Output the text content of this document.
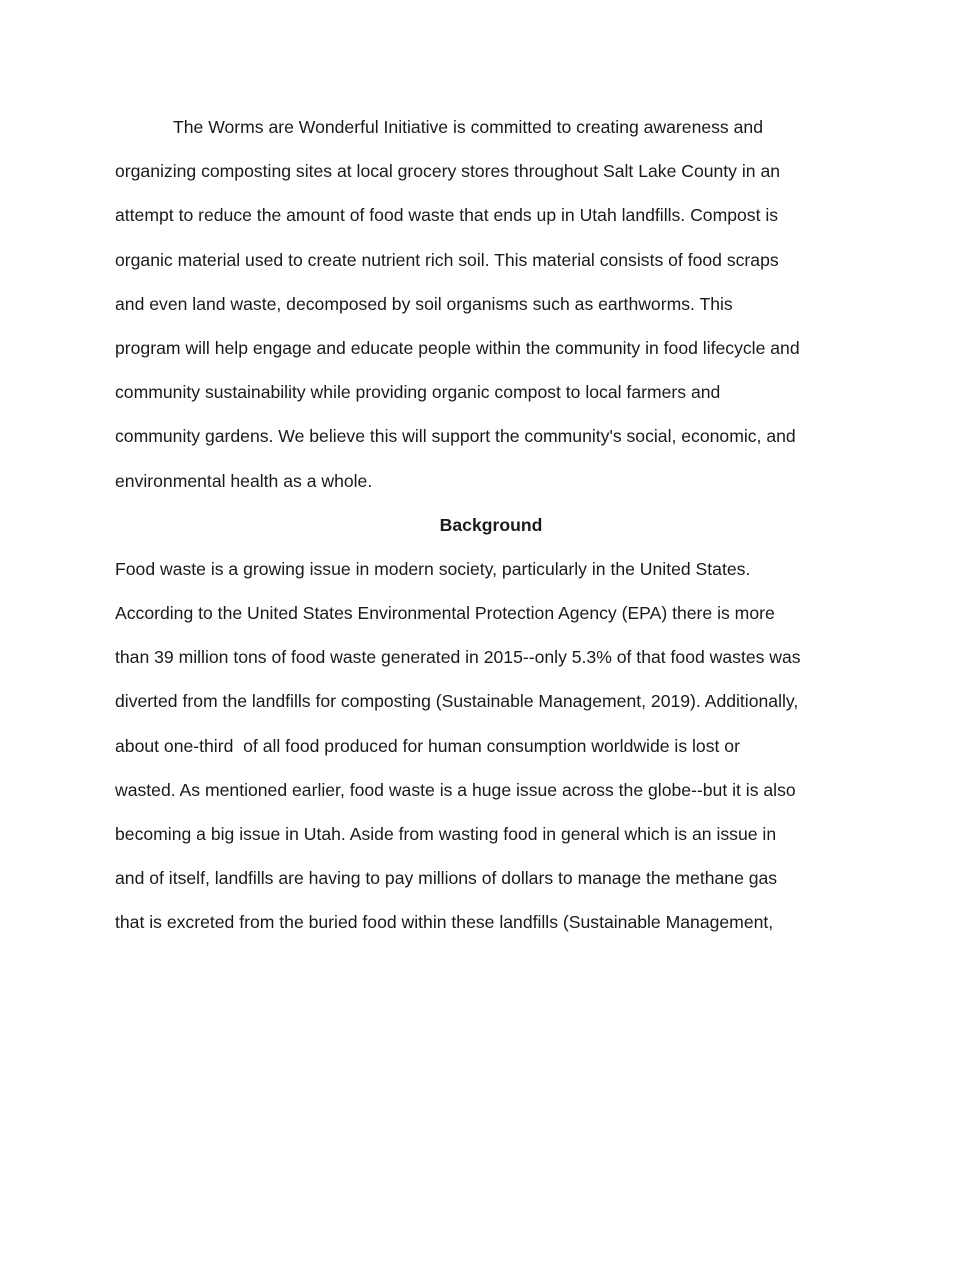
The Worms are Wonderful Initiative is committed to creating awareness and
organizing composting sites at local grocery stores throughout Salt Lake County in an
attempt to reduce the amount of food waste that ends up in Utah landfills. Compost is
organic material used to create nutrient rich soil. This material consists of food scraps
and even land waste, decomposed by soil organisms such as earthworms. This
program will help engage and educate people within the community in food lifecycle and
community sustainability while providing organic compost to local farmers and
community gardens. We believe this will support the community's social, economic, and
environmental health as a whole.
Background
Food waste is a growing issue in modern society, particularly in the United States.
According to the United States Environmental Protection Agency (EPA) there is more
than 39 million tons of food waste generated in 2015--only 5.3% of that food wastes was
diverted from the landfills for composting (Sustainable Management, 2019). Additionally,
about one-third  of all food produced for human consumption worldwide is lost or
wasted. As mentioned earlier, food waste is a huge issue across the globe--but it is also
becoming a big issue in Utah. Aside from wasting food in general which is an issue in
and of itself, landfills are having to pay millions of dollars to manage the methane gas
that is excreted from the buried food within these landfills (Sustainable Management,
